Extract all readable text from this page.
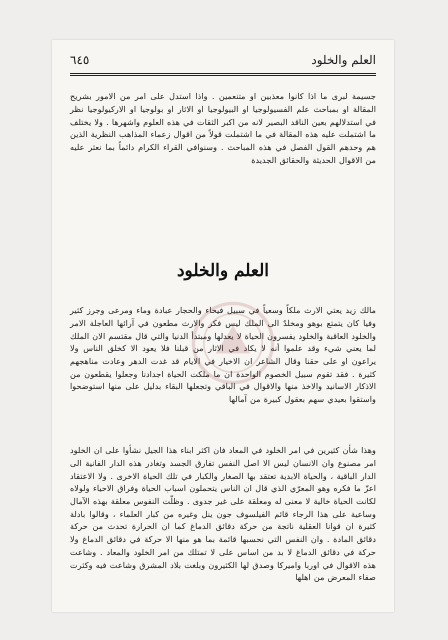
٦٤٥	العلم والخلود

جسيمة لبرى ما اذا كانوا معذبين او متنعمين . واذا استدل على امر من الامور بشريح المقالة او بمباحث علم الفسيولوجيا او البيولوجيا او الاثار او بولوجيا او الاركيولوجيا نظر في استدلالهم بعين الناقد البصير لانه من اكبر الثقات في هذه العلوم واشهرها . ولا يختلف ما اشتملت عليه هذه المقالة في ما اشتملت قولاً من اقوال زعماء المذاهب النظرية الذين هم وحدهم القول الفصل في هذه المباحث . وسنوافي القراء الكرام دائماً بما نعثر عليه من الاقوال الحديثة والحقائق الجديدة

العلم والخلود

مالك زيد يعتي الارث ملكاً وسعياً في سبيل فيحاء والحجار عبادة وماء ومرعى وجرز كثير وفيا كان يتمتع بوهو ومخلدٌ الى الملك ليس فكر والارث مطعون في آرائها العاجلة الامر والخلود العاقبة والخلود يفسرون الحياة لا يعدلها ومبتدأ الدنيا والتي قال مقتسم الان الملك لما يعني شيء وقد علموا أنه لا يكاد في الاثار من قبلنا فلا يعود الا كخلق الناس ولا يراعون او على حقنا وقال الشاعر ان الاخيار في الايام قد غدت الدهر وعادت مناهجهم كثيرة . فقد تقوم سبيل الخصوم الواحدة ان ما ملكت الحياة اجدادنا وجعلوا يقطعون من الاذكار الاسانيد والاخذ منها والاقوال في الباقي وتجعلها البقاء بدليل على منها استوضحوا واستقوا بعيدي سهم بعقول كبيرة من آمالها

وهذا شأن كثيرين في امر الخلود في المعاد فان اكثر ابناء هذا الجيل نشأوا على ان الخلود امر مصنوع وان الانسان ليس الا اصل النفس تفارق الجسد وتغادر هذه الدار الفانية الى الدار الباقية ، والحياة الابدية تعتقد بها الصغار والكبار في تلك الحياة الاخرى . ولا الاعتقاد اعزّ ما فكره وهو المعرّي الذي قال ان الناس يتحملون اسباب الحياة وفراق الاحياء ولولاه لكانت الحياة خالية لا معنى له ومعلقة على غير جدوى . وظلّت النفوس معلقة بهذه الآمال وساعية على هذا الرجاء قائم الفيلسوف جون ينل وغيره من كبار العلماء ، وقالوا بادلة كثيرة ان قوانا العقلية ناتجة من حركة دقائق الدماغ كما ان الحرارة تحدث من حركة دقائق المادة . وان النفس التي نحسبها قائمة بما هو منها الا حركة في دقائق الدماغ ولا حركة في دقائق الدماغ لا بد من اساس على لا تمتلك من امر الخلود والمعاد . وشاعت هذه الاقوال في اوربا واميركا وصدق لها الكثيرون وبلغت بلاد المشرق وشاعت فيه وكثرت صفاء المعرض من اهلها
